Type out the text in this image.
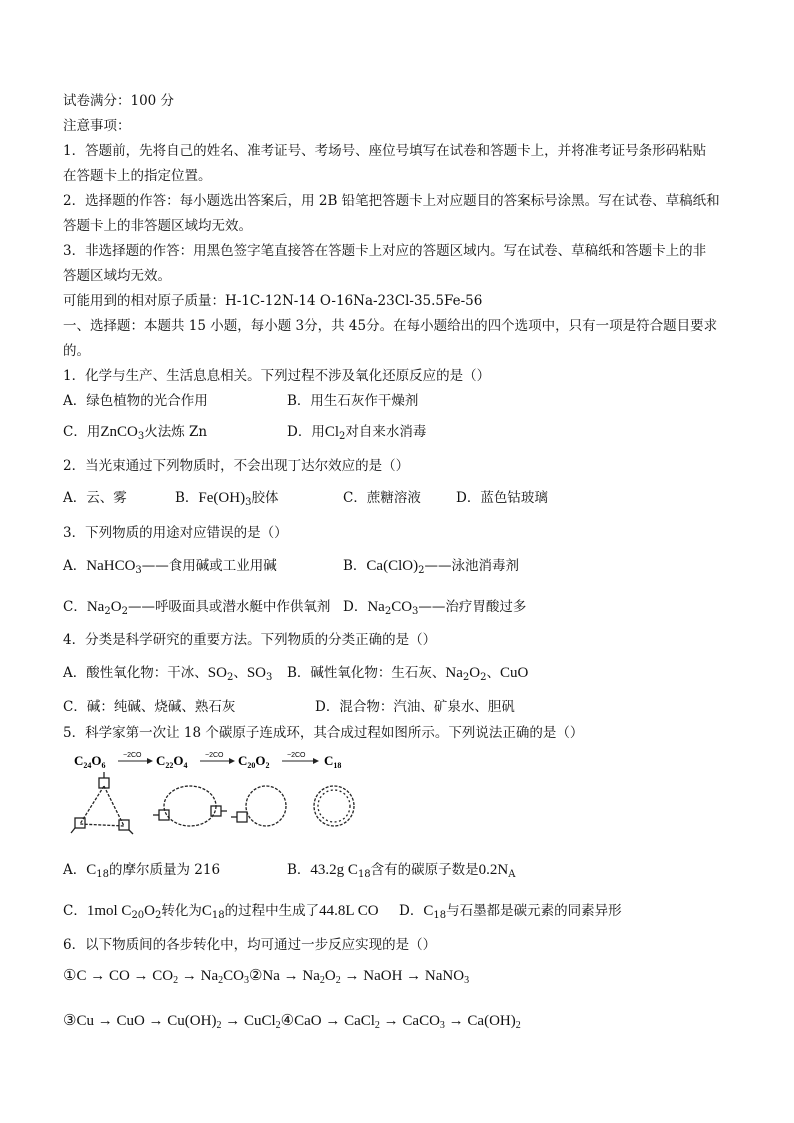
试卷满分：100 分
注意事项：
1．答题前，先将自己的姓名、准考证号、考场号、座位号填写在试卷和答题卡上，并将准考证号条形码粘贴
在答题卡上的指定位置。
2．选择题的作答：每小题选出答案后，用 2B 铅笔把答题卡上对应题目的答案标号涂黑。写在试卷、草稿纸和
答题卡上的非答题区域均无效。
3．非选择题的作答：用黑色签字笔直接答在答题卡上对应的答题区域内。写在试卷、草稿纸和答题卡上的非
答题区域均无效。
可能用到的相对原子质量：H-1C-12N-14 O-16Na-23Cl-35.5Fe-56
一、选择题：本题共 15 小题，每小题 3分，共 45分。在每小题给出的四个选项中，只有一项是符合题目要求
的。
1．化学与生产、生活息息相关。下列过程不涉及氧化还原反应的是（）
A．绿色植物的光合作用	B．用生石灰作干燥剂
C．用ZnCO$_3$火法炼 Zn	D．用$Cl_2$对自来水消毒
2．当光束通过下列物质时，不会出现丁达尔效应的是（）
A．云、雾	B．$Fe(OH)_3$胶体	C．蔗糖溶液	D．蓝色钴玻璃
3．下列物质的用途对应错误的是（）
A．NaHCO$_3$——食用碱或工业用碱	B．$Ca(ClO)_2——$泳池消毒剂
C．$Na_2O_2——$呼吸面具或潜水艇中作供氧剂 D．$Na_2CO_3——$治疗胃酸过多
4．分类是科学研究的重要方法。下列物质的分类正确的是（）
A．酸性氧化物：干冰、$SO_2$、$SO_3$ B．碱性氧化物：生石灰、$Na_2O_2$、CuO
C．碱：纯碱、烧碱、熟石灰	D．混合物：汽油、矿泉水、胆矾
5．科学家第一次让 18 个碳原子连成环，其合成过程如图所示。下列说法正确的是（）
$C_{24}O_6$
−2CO $C_{22}O_4$
−2CO $C_{20}O_2$
−2CO $C_{18}$
A．$C_{18}$的摩尔质量为 216	B．43.2g $C_{18}$含有的碳原子数是$0.2N_A$
C．1mol $C_{20}O_2$转化为$C_{18}$的过程中生成了44.8L CO D．$C_{18}$与石墨都是碳元素的同素异形
6．以下物质间的各步转化中，均可通过一步反应实现的是（）
①C → CO → $CO_2$ → $Na_2CO_3②Na \to Na_2O_2$ → NaOH → NaNO$_3$
③Cu → CuO → $Cu(OH)_2$ → CuCl$_2$④CaO → CaCl$_2$ → CaCO$_3$ → $Ca(OH)_2$
